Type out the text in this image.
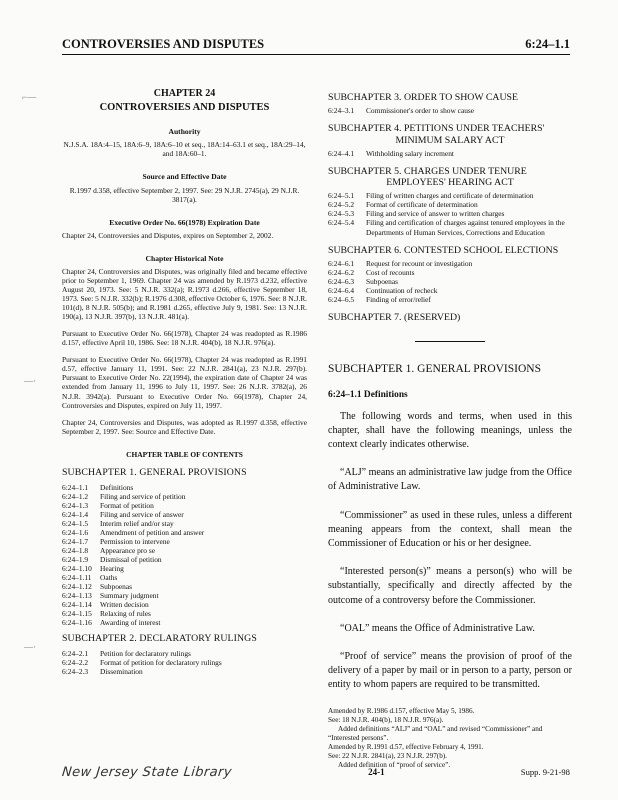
CONTROVERSIES AND DISPUTES	6:24–1.1
CHAPTER 24
CONTROVERSIES AND DISPUTES
Authority
N.J.S.A. 18A:4–15, 18A:6–9, 18A:6–10 et seq., 18A:14–63.1 et seq., 18A:29–14, and 18A:60–1.
Source and Effective Date
R.1997 d.358, effective September 2, 1997. See: 29 N.J.R. 2745(a), 29 N.J.R. 3817(a).
Executive Order No. 66(1978) Expiration Date
Chapter 24, Controversies and Disputes, expires on September 2, 2002.
Chapter Historical Note
Chapter 24, Controversies and Disputes, was originally filed and became effective prior to September 1, 1969. Chapter 24 was amended by R.1973 d.232, effective August 20, 1973. See: 5 N.J.R. 332(a); R.1973 d.266, effective September 18, 1973. See: 5 N.J.R. 332(b); R.1976 d.308, effective October 6, 1976. See: 8 N.J.R. 101(d), 8 N.J.R. 505(b); and R.1981 d.265, effective July 9, 1981. See: 13 N.J.R. 190(a), 13 N.J.R. 397(b), 13 N.J.R. 481(a).
Pursuant to Executive Order No. 66(1978), Chapter 24 was readopted as R.1986 d.157, effective April 10, 1986. See: 18 N.J.R. 404(b), 18 N.J.R. 976(a).
Pursuant to Executive Order No. 66(1978), Chapter 24 was readopted as R.1991 d.57, effective January 11, 1991. See: 22 N.J.R. 2841(a), 23 N.J.R. 297(b). Pursuant to Executive Order No. 22(1994), the expiration date of Chapter 24 was extended from January 11, 1996 to July 11, 1997. See: 26 N.J.R. 3782(a), 26 N.J.R. 3942(a). Pursuant to Executive Order No. 66(1978), Chapter 24, Controversies and Disputes, expired on July 11, 1997.
Chapter 24, Controversies and Disputes, was adopted as R.1997 d.358, effective September 2, 1997. See: Source and Effective Date.
CHAPTER TABLE OF CONTENTS
SUBCHAPTER 1. GENERAL PROVISIONS
6:24–1.1	Definitions
6:24–1.2	Filing and service of petition
6:24–1.3	Format of petition
6:24–1.4	Filing and service of answer
6:24–1.5	Interim relief and/or stay
6:24–1.6	Amendment of petition and answer
6:24–1.7	Permission to intervene
6:24–1.8	Appearance pro se
6:24–1.9	Dismissal of petition
6:24–1.10	Hearing
6:24–1.11	Oaths
6:24–1.12	Subpoenas
6:24–1.13	Summary judgment
6:24–1.14	Written decision
6:24–1.15	Relaxing of rules
6:24–1.16	Awarding of interest
SUBCHAPTER 2. DECLARATORY RULINGS
6:24–2.1	Petition for declaratory rulings
6:24–2.2	Format of petition for declaratory rulings
6:24–2.3	Dissemination
SUBCHAPTER 3. ORDER TO SHOW CAUSE
6:24–3.1	Commissioner's order to show cause
SUBCHAPTER 4. PETITIONS UNDER TEACHERS'
MINIMUM SALARY ACT
6:24–4.1	Withholding salary increment
SUBCHAPTER 5. CHARGES UNDER TENURE
EMPLOYEES' HEARING ACT
6:24–5.1	Filing of written charges and certificate of determination
6:24–5.2	Format of certificate of determination
6:24–5.3	Filing and service of answer to written charges
6:24–5.4	Filing and certification of charges against tenured employees in the Departments of Human Services, Corrections and Education
SUBCHAPTER 6. CONTESTED SCHOOL ELECTIONS
6:24–6.1	Request for recount or investigation
6:24–6.2	Cost of recounts
6:24–6.3	Subpoenas
6:24–6.4	Continuation of recheck
6:24–6.5	Finding of error/relief
SUBCHAPTER 7. (RESERVED)
SUBCHAPTER 1. GENERAL PROVISIONS
6:24–1.1 Definitions

The following words and terms, when used in this chapter, shall have the following meanings, unless the context clearly indicates otherwise.

“ALJ” means an administrative law judge from the Office of Administrative Law.

“Commissioner” as used in these rules, unless a different meaning appears from the context, shall mean the Commissioner of Education or his or her designee.

“Interested person(s)” means a person(s) who will be substantially, specifically and directly affected by the outcome of a controversy before the Commissioner.

“OAL” means the Office of Administrative Law.

“Proof of service” means the provision of proof of the delivery of a paper by mail or in person to a party, person or entity to whom papers are required to be transmitted.

Amended by R.1986 d.157, effective May 5, 1986.

See: 18 N.J.R. 404(b), 18 N.J.R. 976(a).

Added definitions “ALJ” and “OAL” and revised “Commissioner” and “Interested persons”.

Amended by R.1991 d.57, effective February 4, 1991.

See: 22 N.J.R. 2841(a), 23 N.J.R. 297(b).

Added definition of “proof of service”.

⌐—
—·
—·
New Jersey State Library	24-1	Supp. 9-21-98
